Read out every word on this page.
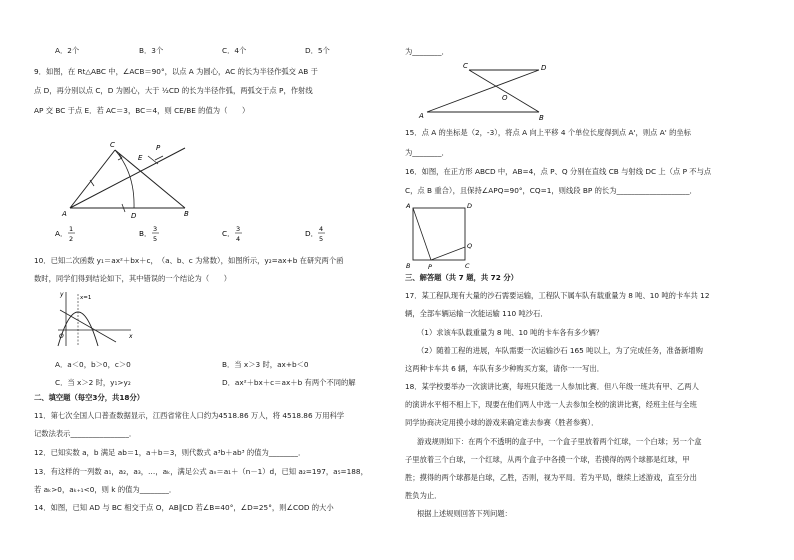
A．2个	B．3个	C．4个	D．5个
9．如图，在 Rt△ABC 中，∠ACB＝90°，以点 A 为圆心，AC 的长为半径作弧交 AB 于
点 D，再分别以点 C，D 为圆心，大于 ½CD 的长为半径作弧，两弧交于点 P，作射线
AP 交 BC 于点 E．若 AC＝3，BC＝4，则 CE/BE 的值为（　　）
A	B
C
D
E
P
A． 1
2
B． 3
5
C． 3
4
D． 4
5
10．已知二次函数 y₁＝ax²＋bx＋c，　（a、b、c 为常数），如图所示，y₂=ax+b 在研究两个函
数时，同学们得到结论如下，其中错误的一个结论为（　　）
y
x
O
x=1
A．a＜0，b＞0，c＞0	B．当 x＞3 时，ax+b＜0
C．当 x＞2 时，y₁>y₂	D．ax²＋bx＋c＝ax＋b 有两个不同的解
二、填空题（每空3分，共18分）
11．第七次全国人口普查数据显示，江西省常住人口约为4518.86 万人，将 4518.86 万用科学
记数法表示________________．
12．已知实数 a，b 满足 ab＝1，a＋b＝3，则代数式 a³b＋ab³ 的值为________．
13．有这样的一列数 a₁，a₂，a₃，…，aₖ，满足公式 aₙ＝a₁＋（n－1）d，已知 a₂=197，a₅=188，
若 aₖ>0，aₖ₊₁<0，则 k 的值为________．
14．如图，已知 AD 与 BC 相交于点 O，AB∥CD 若∠B=40°，∠D=25°，则∠COD 的大小
为________．
C	D
A	B
O
15．点 A 的坐标是（2，-3），将点 A 向上平移 4 个单位长度得到点 A'，则点 A' 的坐标
为________．
16．如图，在正方形 ABCD 中，AB=4，点 P、Q 分别在直线 CB 与射线 DC 上（点 P 不与点
C，点 B 重合），且保持∠APQ=90°，CQ=1，则线段 BP 的长为____________________．
A	D
B	P	C
Q
三、解答题（共 7 题，共 72 分）
17．某工程队现有大量的沙石需要运输，工程队下属车队有载重量为 8 吨、10 吨的卡车共 12
辆，全部车辆运输一次能运输 110 吨沙石．
（1）求该车队载重量为 8 吨、10 吨的卡车各有多少辆？
（2）随着工程的进展，车队需要一次运输沙石 165 吨以上，为了完成任务，准备新增购
这两种卡车共 6 辆，车队有多少种购买方案，请你一一写出．
18．某学校要举办一次演讲比赛，每班只能选一人参加比赛．但八年级一班共有甲、乙两人
的演讲水平相不相上下，现要在他们两人中选一人去参加全校的演讲比赛，经班主任与全班
同学协商决定用摸小球的游戏来确定谁去参赛（胜者参赛）．
游戏规则如下：在两个不透明的盒子中，一个盒子里放着两个红球，一个白球；另一个盒
子里放着三个白球，一个红球，从两个盒子中各摸一个球，若摸得的两个球都是红球，甲
胜；摸得的两个球都是白球，乙胜，否则，视为平局．若为平局，继续上述游戏，直至分出
胜负为止．
根据上述规则回答下列问题：
